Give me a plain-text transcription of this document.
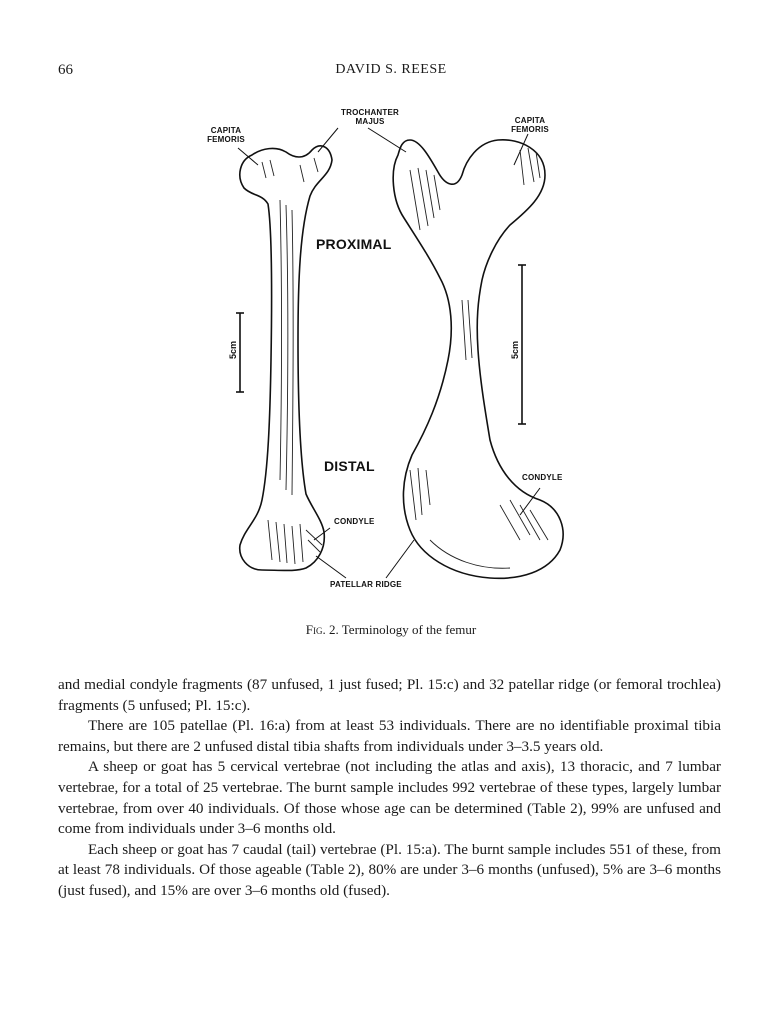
66	DAVID S. REESE
CAPITA
FEMORIS
TROCHANTER
MAJUS	CAPITA
FEMORIS
PROXIMAL
DISTAL
CONDYLE
CONDYLE
PATELLAR RIDGE
5cm	5cm
Fig. 2. Terminology of the femur

and medial condyle fragments (87 unfused, 1 just fused; Pl. 15:c) and 32 patellar ridge (or femoral trochlea) fragments (5 unfused; Pl. 15:c).

There are 105 patellae (Pl. 16:a) from at least 53 individuals. There are no identifiable proximal tibia remains, but there are 2 unfused distal tibia shafts from individuals under 3–3.5 years old.

A sheep or goat has 5 cervical vertebrae (not including the atlas and axis), 13 thoracic, and 7 lumbar vertebrae, for a total of 25 vertebrae. The burnt sample includes 992 vertebrae of these types, largely lumbar vertebrae, from over 40 individuals. Of those whose age can be determined (Table 2), 99% are unfused and come from individuals under 3–6 months old.

Each sheep or goat has 7 caudal (tail) vertebrae (Pl. 15:a). The burnt sample includes 551 of these, from at least 78 individuals. Of those ageable (Table 2), 80% are under 3–6 months (unfused), 5% are 3–6 months (just fused), and 15% are over 3–6 months old (fused).
